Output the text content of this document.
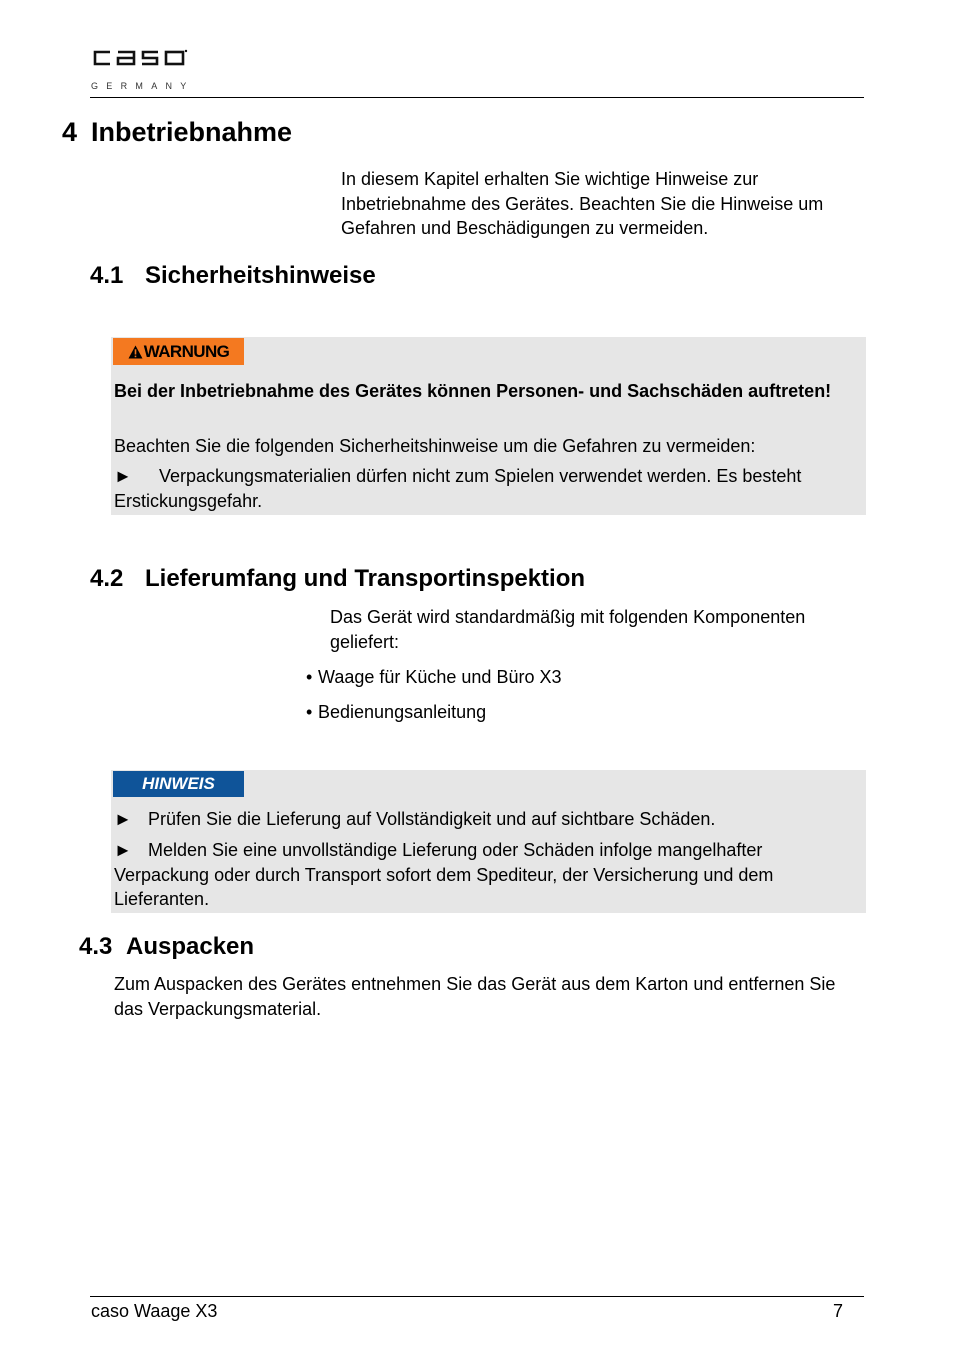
GERMANY
4 Inbetriebnahme
In diesem Kapitel erhalten Sie wichtige Hinweise zur Inbetriebnahme des Gerätes. Beachten Sie die Hinweise um Gefahren und Beschädigungen zu vermeiden.
4.1 Sicherheitshinweise
WARNUNG
Bei der Inbetriebnahme des Gerätes können Personen- und Sachschäden auftreten!
Beachten Sie die folgenden Sicherheitshinweise um die Gefahren zu vermeiden:
► Verpackungsmaterialien dürfen nicht zum Spielen verwendet werden. Es besteht Erstickungsgefahr.
4.2 Lieferumfang und Transportinspektion
Das Gerät wird standardmäßig mit folgenden Komponenten geliefert:
• Waage für Küche und Büro X3
• Bedienungsanleitung
HINWEIS
► Prüfen Sie die Lieferung auf Vollständigkeit und auf sichtbare Schäden.
► Melden Sie eine unvollständige Lieferung oder Schäden infolge mangelhafter Verpackung oder durch Transport sofort dem Spediteur, der Versicherung und dem Lieferanten.
4.3 Auspacken
Zum Auspacken des Gerätes entnehmen Sie das Gerät aus dem Karton und entfernen Sie das Verpackungsmaterial.
caso Waage X3	7
